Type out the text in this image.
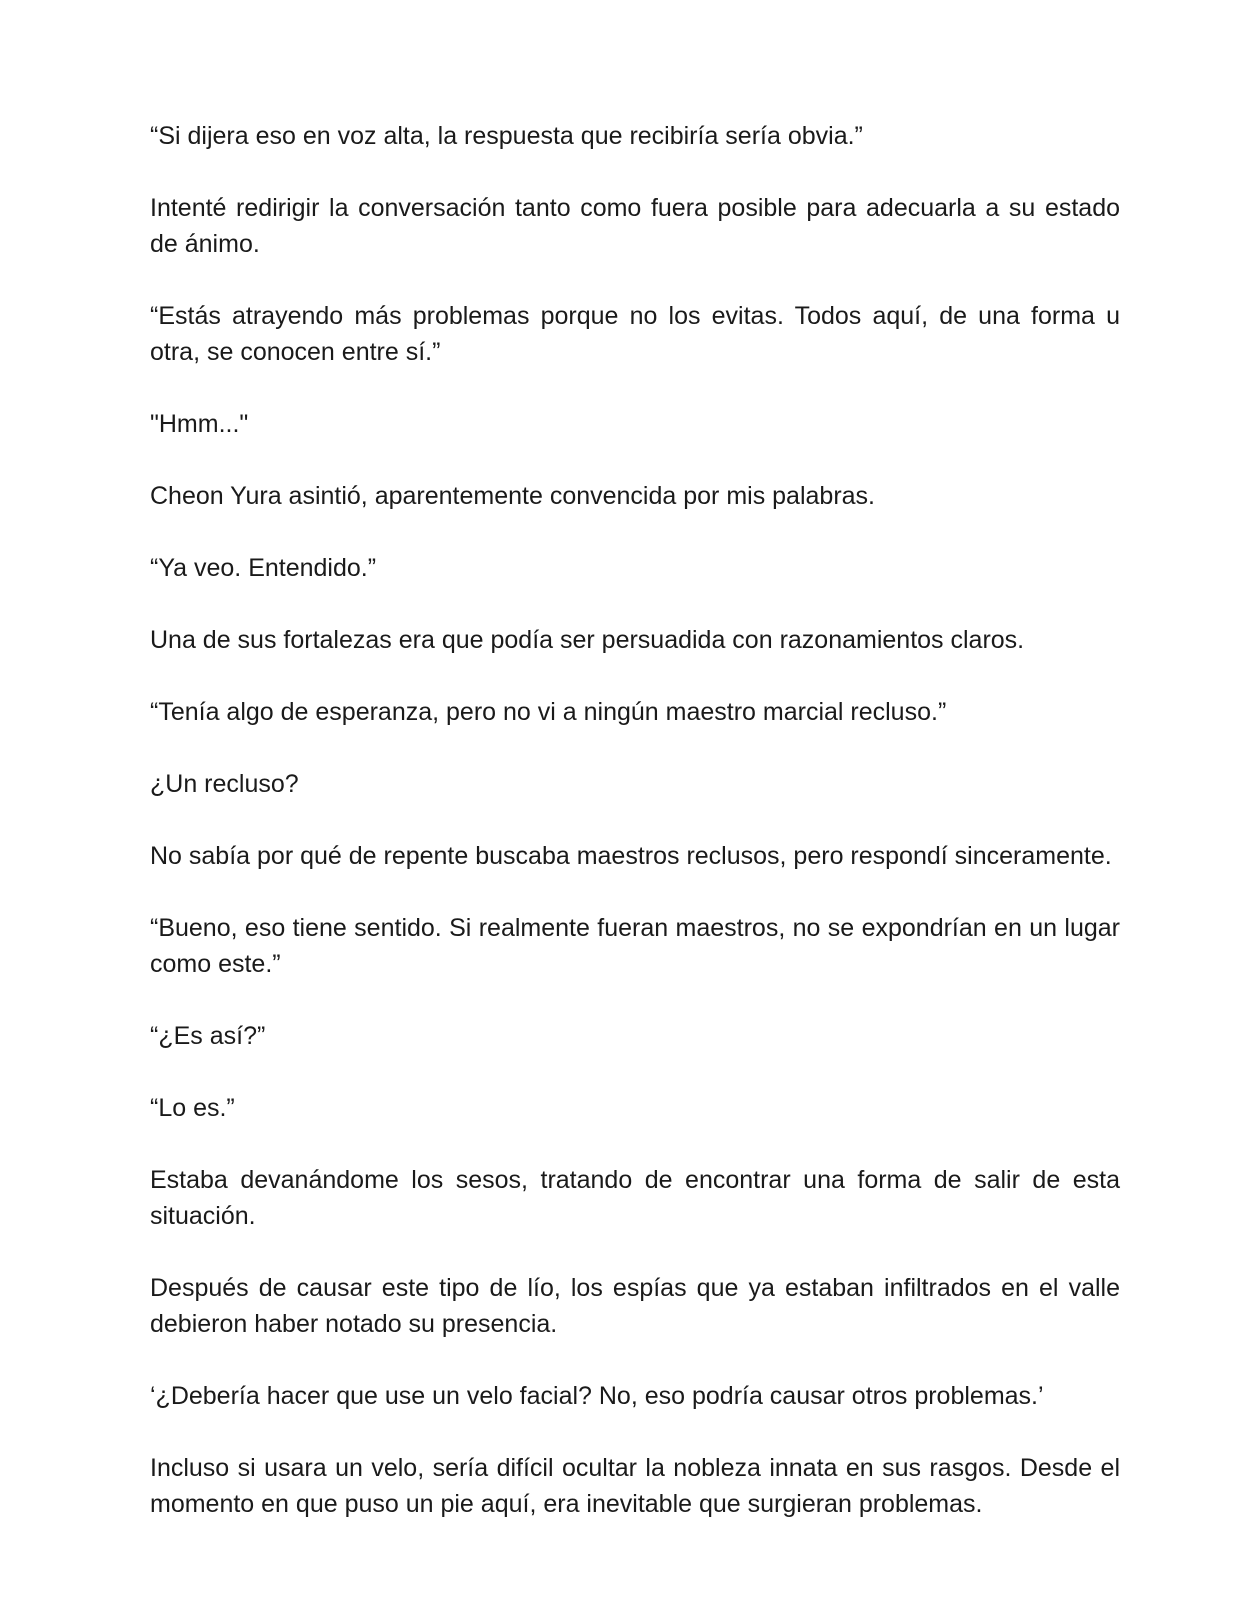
“Si dijera eso en voz alta, la respuesta que recibiría sería obvia.”

Intenté redirigir la conversación tanto como fuera posible para adecuarla a su estado de ánimo.

“Estás atrayendo más problemas porque no los evitas. Todos aquí, de una forma u otra, se conocen entre sí.”

"Hmm..."

Cheon Yura asintió, aparentemente convencida por mis palabras.

“Ya veo. Entendido.”

Una de sus fortalezas era que podía ser persuadida con razonamientos claros.

“Tenía algo de esperanza, pero no vi a ningún maestro marcial recluso.”

¿Un recluso?

No sabía por qué de repente buscaba maestros reclusos, pero respondí sinceramente.

“Bueno, eso tiene sentido. Si realmente fueran maestros, no se expondrían en un lugar como este.”

“¿Es así?”

“Lo es.”

Estaba devanándome los sesos, tratando de encontrar una forma de salir de esta situación.

Después de causar este tipo de lío, los espías que ya estaban infiltrados en el valle debieron haber notado su presencia.

‘¿Debería hacer que use un velo facial? No, eso podría causar otros problemas.’

Incluso si usara un velo, sería difícil ocultar la nobleza innata en sus rasgos. Desde el momento en que puso un pie aquí, era inevitable que surgieran problemas.
